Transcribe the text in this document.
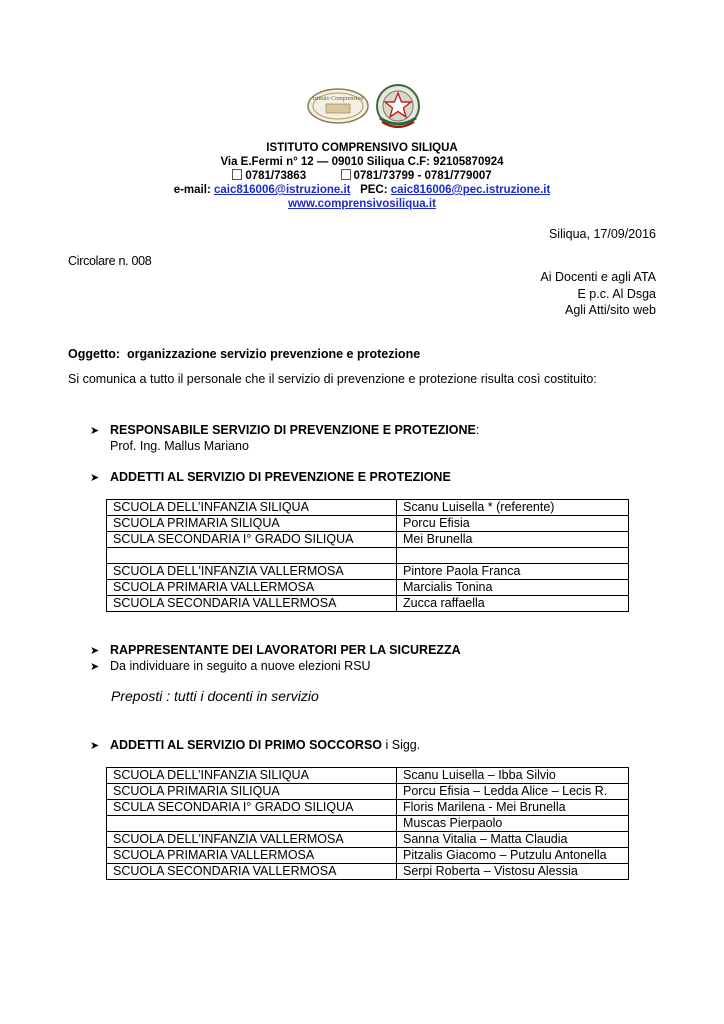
Istituto Comprensivo
ISTITUTO COMPRENSIVO SILIQUA
Via E.Fermi n° 12 — 09010 Siliqua C.F: 92105870924
0781/73863	0781/73799 - 0781/779007
e-mail: caic816006@istruzione.it PEC: caic816006@pec.istruzione.it
www.comprensivosiliqua.it
Siliqua, 17/09/2016
Circolare n. 008
Ai Docenti e agli ATA
E p.c. Al Dsga
Agli Atti/sito web
Oggetto: organizzazione servizio prevenzione e protezione
Si comunica a tutto il personale che il servizio di prevenzione e protezione risulta così costituito:
➤ RESPONSABILE SERVIZIO DI PREVENZIONE E PROTEZIONE:
Prof. Ing. Mallus Mariano
➤ ADDETTI AL SERVIZIO DI PREVENZIONE E PROTEZIONE
SCUOLA DELL’INFANZIA SILIQUA	Scanu Luisella * (referente)
SCUOLA PRIMARIA SILIQUA	Porcu Efisia
SCULA SECONDARIA I° GRADO SILIQUA	Mei Brunella

SCUOLA DELL'INFANZIA VALLERMOSA	Pintore Paola Franca
SCUOLA PRIMARIA VALLERMOSA	Marcialis Tonina
SCUOLA SECONDARIA VALLERMOSA	Zucca raffaella
➤ RAPPRESENTANTE DEI LAVORATORI PER LA SICUREZZA
➤ Da individuare in seguito a nuove elezioni RSU
Preposti : tutti i docenti in servizio
➤ ADDETTI AL SERVIZIO DI PRIMO SOCCORSO i Sigg.
SCUOLA DELL’INFANZIA SILIQUA	Scanu Luisella – Ibba Silvio
SCUOLA PRIMARIA SILIQUA	Porcu Efisia – Ledda Alice – Lecis R.
SCULA SECONDARIA I° GRADO SILIQUA	Floris Marilena - Mei Brunella
	Muscas Pierpaolo
SCUOLA DELL'INFANZIA VALLERMOSA	Sanna Vitalia – Matta Claudia
SCUOLA PRIMARIA VALLERMOSA	Pitzalis Giacomo – Putzulu Antonella
SCUOLA SECONDARIA VALLERMOSA	Serpi Roberta – Vistosu Alessia
